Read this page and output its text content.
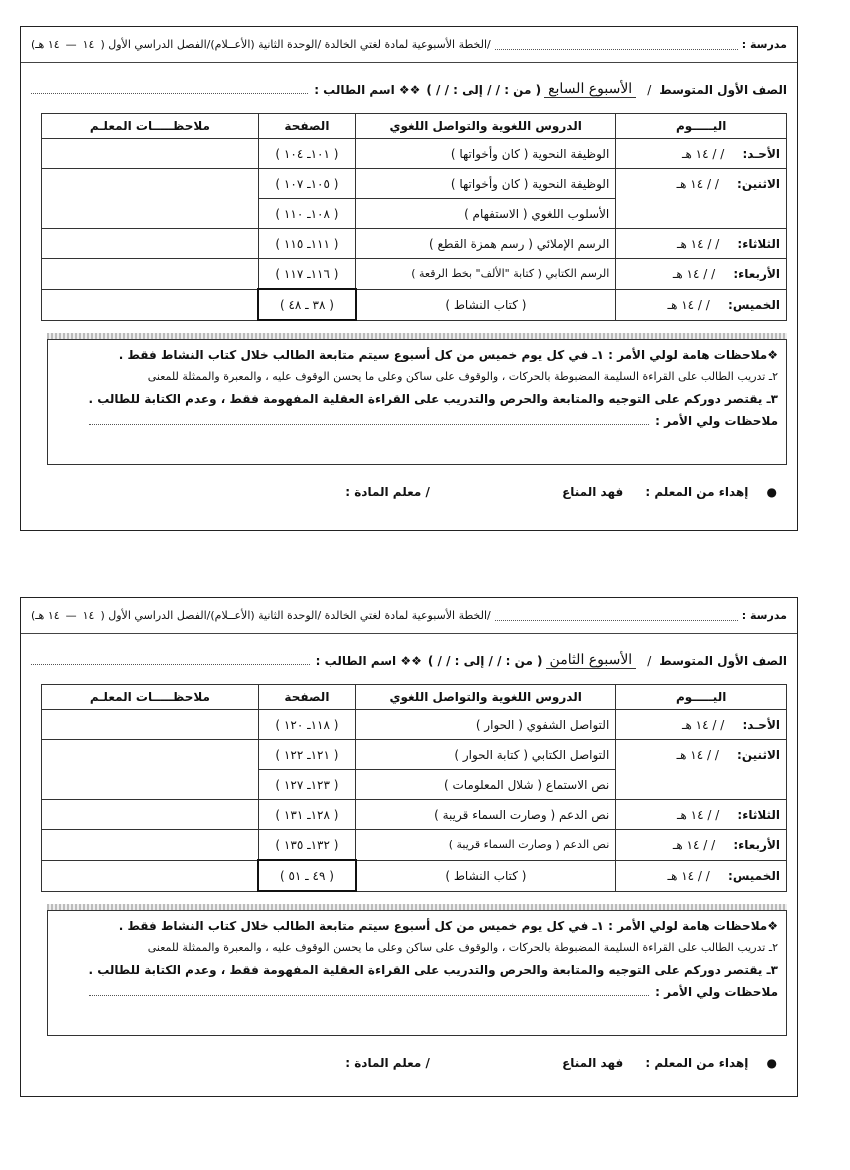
مدرسة :
/الخطة الأسبوعية لمادة لغتي الخالدة /الوحدة الثانية (الأعــلام)/الفصل الدراسي الأول (
١٤
—
١٤ هـ)
الصف الأول المتوسط
/
الأسبوع السابع
( من : / / إلى : / / )
❖❖ اسم الطالب :
اليـــــوم	الدروس اللغوية والتواصل اللغوي	الصفحة	ملاحظـــــات المعلـم
الأحـد: / / ١٤ هـ	الوظيفة النحوية ( كان وأخواتها )	( ١٠١ـ ١٠٤ )	
الاثنين: / / ١٤ هـ	الوظيفة النحوية ( كان وأخواتها )	( ١٠٥ـ ١٠٧ )	
	الأسلوب اللغوي ( الاستفهام )	( ١٠٨ـ ١١٠ )	
الثلاثاء: / / ١٤ هـ	الرسم الإملائي ( رسم همزة القطع )	( ١١١ـ ١١٥ )	
الأربعاء: / / ١٤ هـ	الرسم الكتابي ( كتابة "الألف" بخط الرقعة )	( ١١٦ـ ١١٧ )	
الخميس: / / ١٤ هـ	( كتاب النشاط )	( ٣٨ ـ ٤٨ )	
❖ملاحظات هامة لولي الأمر : ١ـ في كل يوم خميس من كل أسبوع سيتم متابعة الطالب خلال كتاب النشاط فقط .
٢ـ تدريب الطالب على القراءة السليمة المضبوطة بالحركات ، والوقوف على ساكن وعلى ما يحسن الوقوف عليه ، والمعبرة والممثلة للمعنى
٣ـ يقتصر دوركم على التوجيه والمتابعة والحرص والتدريب على القراءة العقلية المفهومة فقط ، وعدم الكتابة للطالب .
ملاحظات ولي الأمر :
● إهداء من المعلم : فهد المناع / معلم المادة :
مدرسة :
/الخطة الأسبوعية لمادة لغتي الخالدة /الوحدة الثانية (الأعــلام)/الفصل الدراسي الأول (
١٤
—
١٤ هـ)
الصف الأول المتوسط
/
الأسبوع الثامن
( من : / / إلى : / / )
❖❖ اسم الطالب :
اليـــــوم	الدروس اللغوية والتواصل اللغوي	الصفحة	ملاحظـــــات المعلـم
الأحـد: / / ١٤ هـ	التواصل الشفوي ( الحوار )	( ١١٨ـ ١٢٠ )	
الاثنين: / / ١٤ هـ	التواصل الكتابي ( كتابة الحوار )	( ١٢١ـ ١٢٢ )	
	نص الاستماع ( شلال المعلومات )	( ١٢٣ـ ١٢٧ )	
الثلاثاء: / / ١٤ هـ	نص الدعم ( وصارت السماء قريبة )	( ١٢٨ـ ١٣١ )	
الأربعاء: / / ١٤ هـ	نص الدعم ( وصارت السماء قريبة )	( ١٣٢ـ ١٣٥ )	
الخميس: / / ١٤ هـ	( كتاب النشاط )	( ٤٩ ـ ٥١ )	
❖ملاحظات هامة لولي الأمر : ١ـ في كل يوم خميس من كل أسبوع سيتم متابعة الطالب خلال كتاب النشاط فقط .
٢ـ تدريب الطالب على القراءة السليمة المضبوطة بالحركات ، والوقوف على ساكن وعلى ما يحسن الوقوف عليه ، والمعبرة والممثلة للمعنى
٣ـ يقتصر دوركم على التوجيه والمتابعة والحرص والتدريب على القراءة العقلية المفهومة فقط ، وعدم الكتابة للطالب .
ملاحظات ولي الأمر :
● إهداء من المعلم : فهد المناع / معلم المادة :
